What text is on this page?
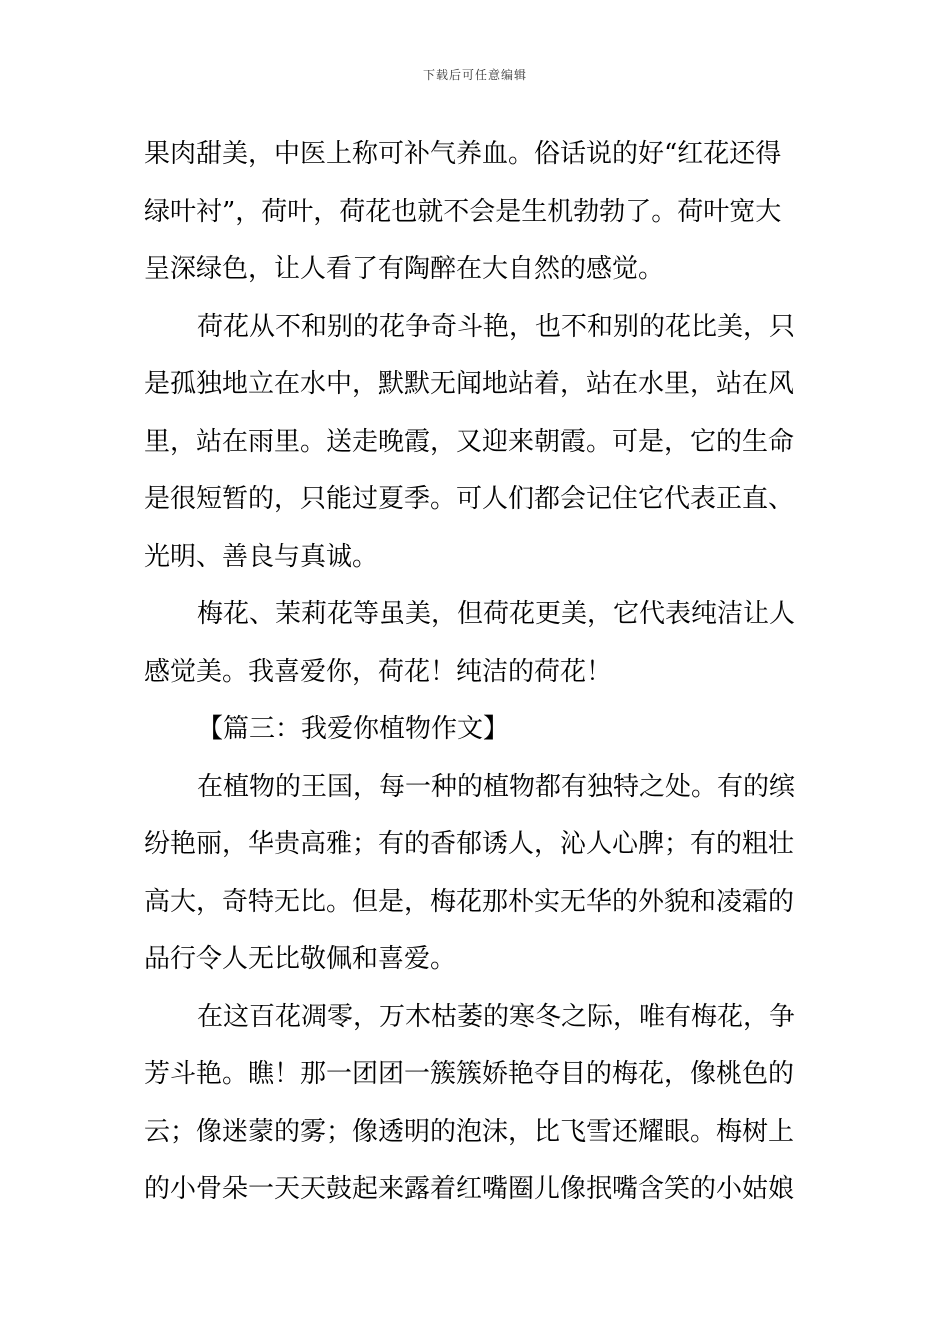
下载后可任意编辑
果肉甜美，中医上称可补气养血。俗话说的好“红花还得
绿叶衬”，荷叶，荷花也就不会是生机勃勃了。荷叶宽大
呈深绿色，让人看了有陶醉在大自然的感觉。
荷花从不和别的花争奇斗艳，也不和别的花比美，只
是孤独地立在水中，默默无闻地站着，站在水里，站在风
里，站在雨里。送走晚霞，又迎来朝霞。可是，它的生命
是很短暂的，只能过夏季。可人们都会记住它代表正直、
光明、善良与真诚。
梅花、茉莉花等虽美，但荷花更美，它代表纯洁让人
感觉美。我喜爱你，荷花！纯洁的荷花！
【篇三：我爱你植物作文】
在植物的王国，每一种的植物都有独特之处。有的缤
纷艳丽，华贵高雅；有的香郁诱人，沁人心脾；有的粗壮
高大，奇特无比。但是，梅花那朴实无华的外貌和凌霜的
品行令人无比敬佩和喜爱。
在这百花凋零，万木枯萎的寒冬之际，唯有梅花，争
芳斗艳。瞧！那一团团一簇簇娇艳夺目的梅花，像桃色的
云；像迷蒙的雾；像透明的泡沫，比飞雪还耀眼。梅树上
的小骨朵一天天鼓起来露着红嘴圈儿像抿嘴含笑的小姑娘
